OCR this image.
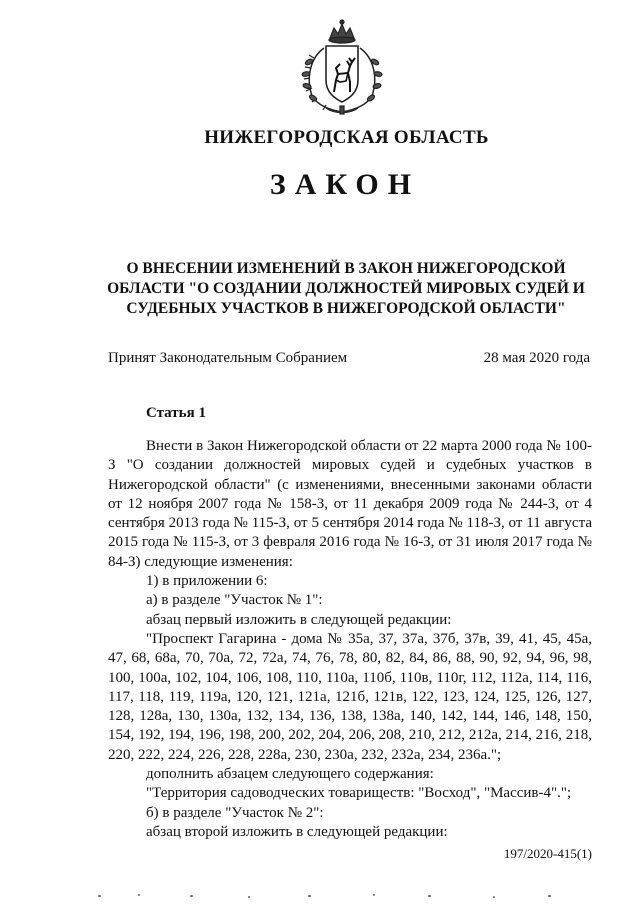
НИЖЕГОРОДСКАЯ ОБЛАСТЬ
ЗАКОН
О ВНЕСЕНИИ ИЗМЕНЕНИЙ В ЗАКОН НИЖЕГОРОДСКОЙ
ОБЛАСТИ "О СОЗДАНИИ ДОЛЖНОСТЕЙ МИРОВЫХ СУДЕЙ И
СУДЕБНЫХ УЧАСТКОВ В НИЖЕГОРОДСКОЙ ОБЛАСТИ"
Принят Законодательным Собранием	28 мая 2020 года
Статья 1

Внести в Закон Нижегородской области от 22 марта 2000 года № 100-З "О создании должностей мировых судей и судебных участков в Нижегородской области" (с изменениями, внесенными законами области от 12 ноября 2007 года № 158-З, от 11 декабря 2009 года № 244-З, от 4 сентября 2013 года № 115-З, от 5 сентября 2014 года № 118-З, от 11 августа 2015 года № 115-З, от 3 февраля 2016 года № 16-З, от 31 июля 2017 года № 84-З) следующие изменения:

1) в приложении 6:

а) в разделе "Участок № 1":

абзац первый изложить в следующей редакции:

"Проспект Гагарина - дома № 35а, 37, 37а, 37б, 37в, 39, 41, 45, 45а, 47, 68, 68а, 70, 70а, 72, 72а, 74, 76, 78, 80, 82, 84, 86, 88, 90, 92, 94, 96, 98, 100, 100а, 102, 104, 106, 108, 110, 110а, 110б, 110в, 110г, 112, 112а, 114, 116, 117, 118, 119, 119а, 120, 121, 121а, 121б, 121в, 122, 123, 124, 125, 126, 127, 128, 128а, 130, 130а, 132, 134, 136, 138, 138а, 140, 142, 144, 146, 148, 150, 154, 192, 194, 196, 198, 200, 202, 204, 206, 208, 210, 212, 212а, 214, 216, 218, 220, 222, 224, 226, 228, 228а, 230, 230а, 232, 232а, 234, 236а.";

дополнить абзацем следующего содержания:

"Территория садоводческих товариществ: "Восход", "Массив-4".";

б) в разделе "Участок № 2":

абзац второй изложить в следующей редакции:

197/2020-415(1)
